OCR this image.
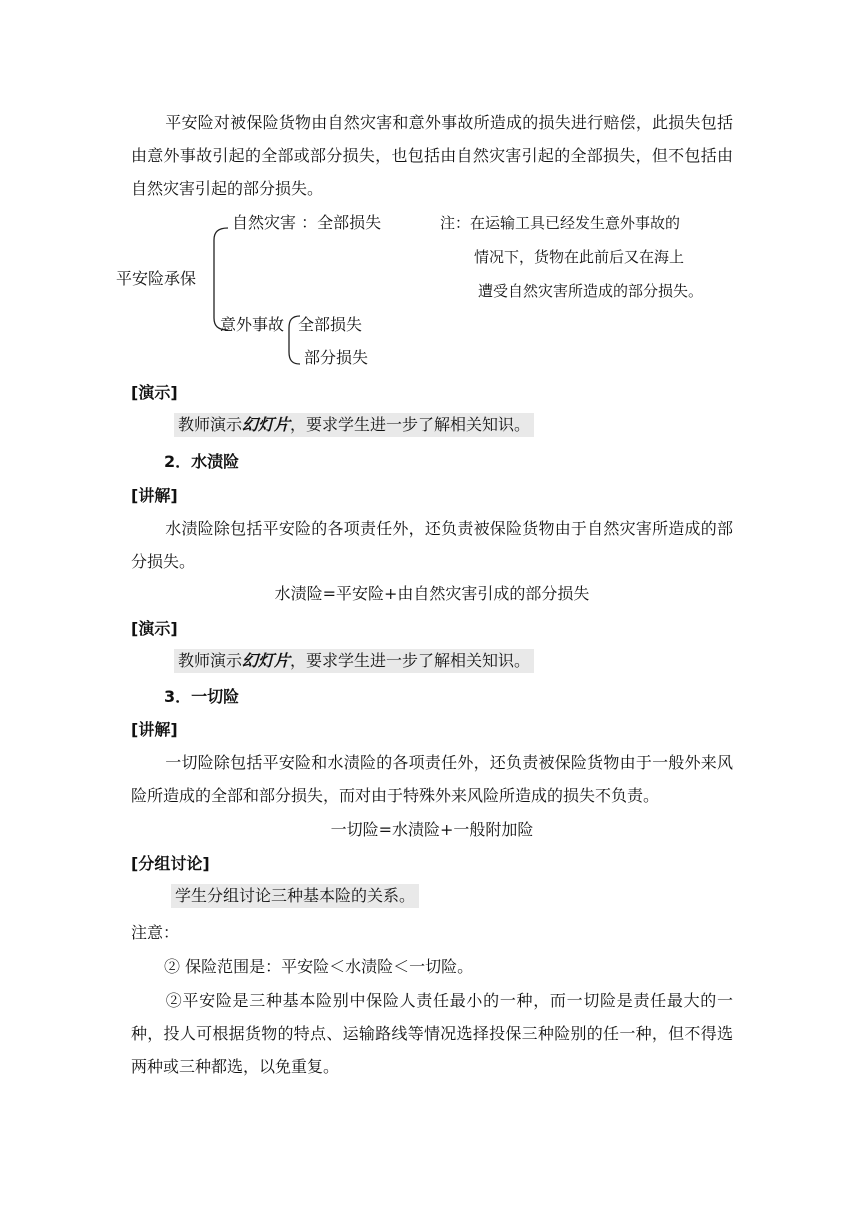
平安险对被保险货物由自然灾害和意外事故所造成的损失进行赔偿，此损失包括由意外事故引起的全部或部分损失，也包括由自然灾害引起的全部损失，但不包括由自然灾害引起的部分损失。

平安险承保
自然灾害 ：全部损失
意外事故 全部损失
部分损失
注：在运输工具已经发生意外事故的
情况下，货物在此前后又在海上
遭受自然灾害所造成的部分损失。
[演示]
教师演示幻灯片，要求学生进一步了解相关知识。
2．水渍险
[讲解]

水渍险除包括平安险的各项责任外，还负责被保险货物由于自然灾害所造成的部分损失。

水渍险=平安险+由自然灾害引成的部分损失
[演示]
教师演示幻灯片，要求学生进一步了解相关知识。
3．一切险
[讲解]

一切险除包括平安险和水渍险的各项责任外，还负责被保险货物由于一般外来风险所造成的全部和部分损失，而对由于特殊外来风险所造成的损失不负责。

一切险=水渍险+一般附加险
[分组讨论]
学生分组讨论三种基本险的关系。
注意：
② 保险范围是：平安险＜水渍险＜一切险。

②平安险是三种基本险别中保险人责任最小的一种，而一切险是责任最大的一种，投人可根据货物的特点、运输路线等情况选择投保三种险别的任一种，但不得选两种或三种都选，以免重复。
